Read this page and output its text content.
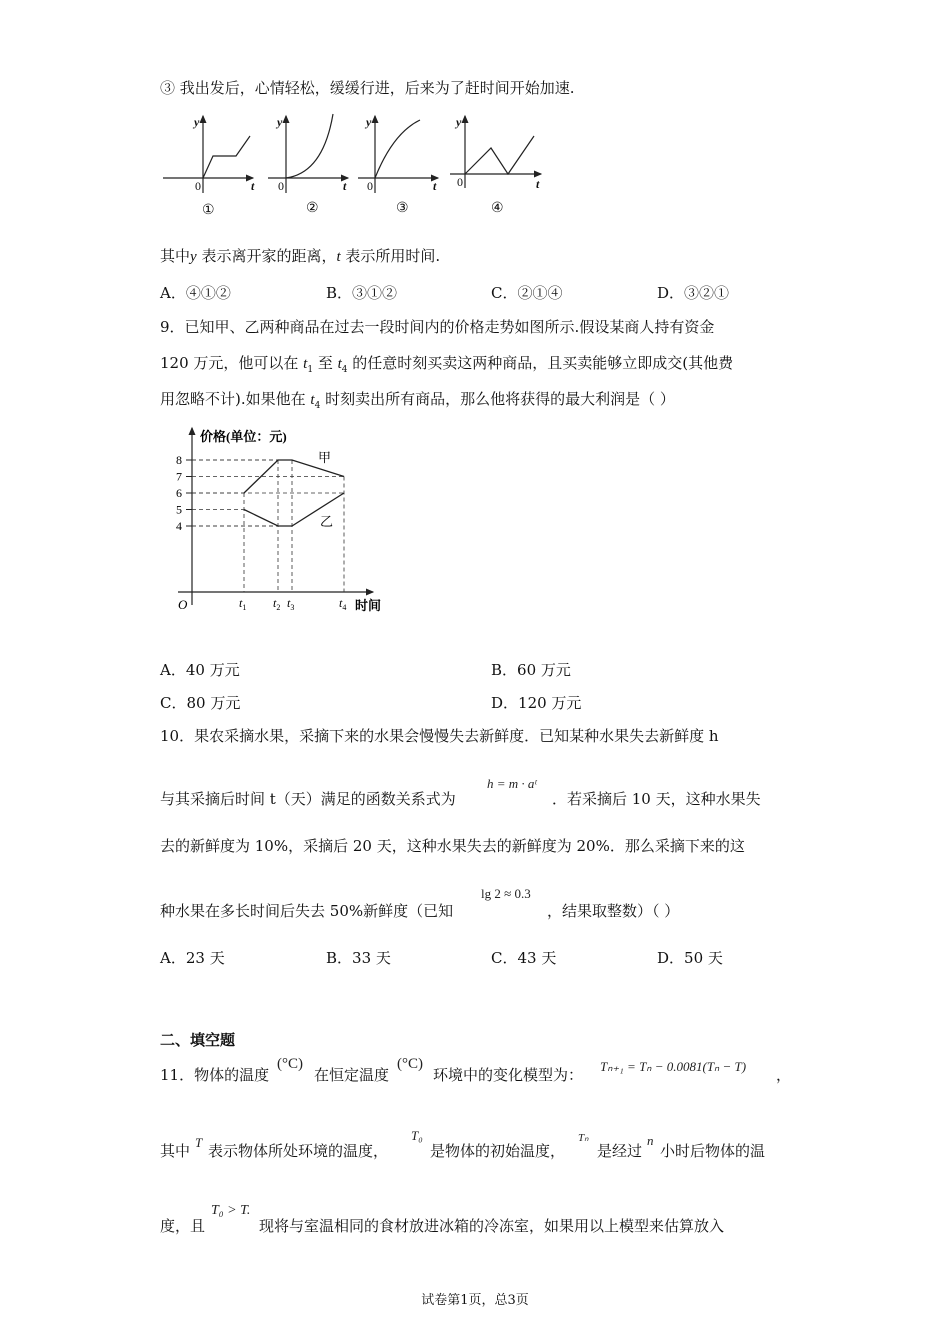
③ 我出发后，心情轻松，缓缓行进，后来为了赶时间开始加速.
y
t
0
y
t
0
y
t
0
y
t
0
①	②	③	④
其中y 表示离开家的距离，t 表示所用时间.
A．④①②	B．③①②	C．②①④	D．③②①
9．已知甲、乙两种商品在过去一段时间内的价格走势如图所示.假设某商人持有资金
120 万元，他可以在 $t_1$ 至 $t_4$ 的任意时刻买卖这两种商品，且买卖能够立即成交(其他费
用忽略不计).如果他在 $t_4$ 时刻卖出所有商品，那么他将获得的最大利润是（ ）
价格(单位：元)
时间
O
4
5
6
7
8	甲
乙
$t_1$ $t_2$ $t_3$	$t_4$
A．40 万元	B．60 万元
C．80 万元	D．120 万元
10．果农采摘水果，采摘下来的水果会慢慢失去新鲜度．已知某种水果失去新鲜度 h
与其采摘后时间 t（天）满足的函数关系式为
h = m · aᵗ
．若采摘后 10 天，这种水果失
去的新鲜度为 10%，采摘后 20 天，这种水果失去的新鲜度为 20%．那么采摘下来的这
种水果在多长时间后失去 50%新鲜度（已知
lg 2 ≈ 0.3
，结果取整数）（ ）
A．23 天	B．33 天	C．43 天	D．50 天
二、填空题
11．物体的温度
(°C)
在恒定温度
(°C)
环境中的变化模型为： Tₙ₊₁ = Tₙ − 0.0081(Tₙ − T) ，
其中 T 表示物体所处环境的温度，
T₀
是物体的初始温度，
Tₙ
是经过
n
小时后物体的温
度，且
T₀ > T.
现将与室温相同的食材放进冰箱的冷冻室，如果用以上模型来估算放入
试卷第1页，总3页
